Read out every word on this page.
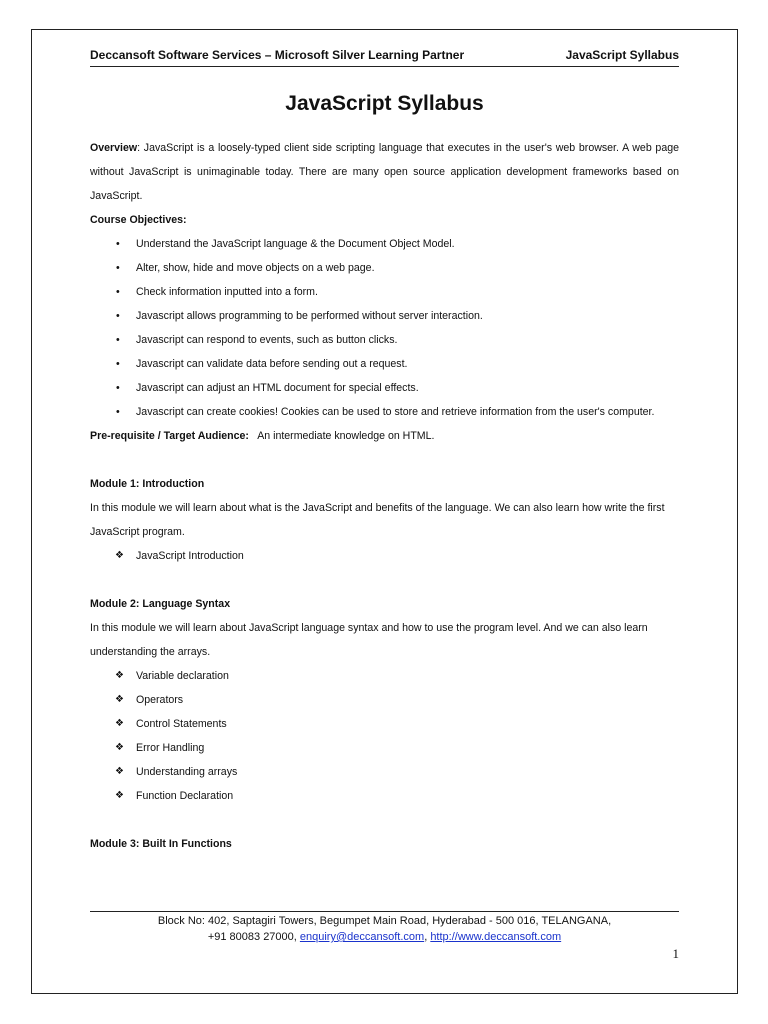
Deccansoft Software Services – Microsoft Silver Learning Partner	JavaScript Syllabus
JavaScript Syllabus

Overview: JavaScript is a loosely-typed client side scripting language that executes in the user's web browser. A web page without JavaScript is unimaginable today. There are many open source application development frameworks based on JavaScript.

Course Objectives:

• Understand the JavaScript language & the Document Object Model.
• Alter, show, hide and move objects on a web page.
• Check information inputted into a form.
• Javascript allows programming to be performed without server interaction.
• Javascript can respond to events, such as button clicks.
• Javascript can validate data before sending out a request.
• Javascript can adjust an HTML document for special effects.
• Javascript can create cookies! Cookies can be used to store and retrieve information from the user's computer.

Pre-requisite / Target Audience: An intermediate knowledge on HTML.

Module 1: Introduction

In this module we will learn about what is the JavaScript and benefits of the language. We can also learn how write the first JavaScript program.

❖ JavaScript Introduction

Module 2: Language Syntax

In this module we will learn about JavaScript language syntax and how to use the program level. And we can also learn understanding the arrays.

❖ Variable declaration
❖ Operators
❖ Control Statements
❖ Error Handling
❖ Understanding arrays
❖ Function Declaration

Module 3: Built In Functions

Block No: 402, Saptagiri Towers, Begumpet Main Road, Hyderabad - 500 016, TELANGANA,
+91 80083 27000, enquiry@deccansoft.com, http://www.deccansoft.com
1
